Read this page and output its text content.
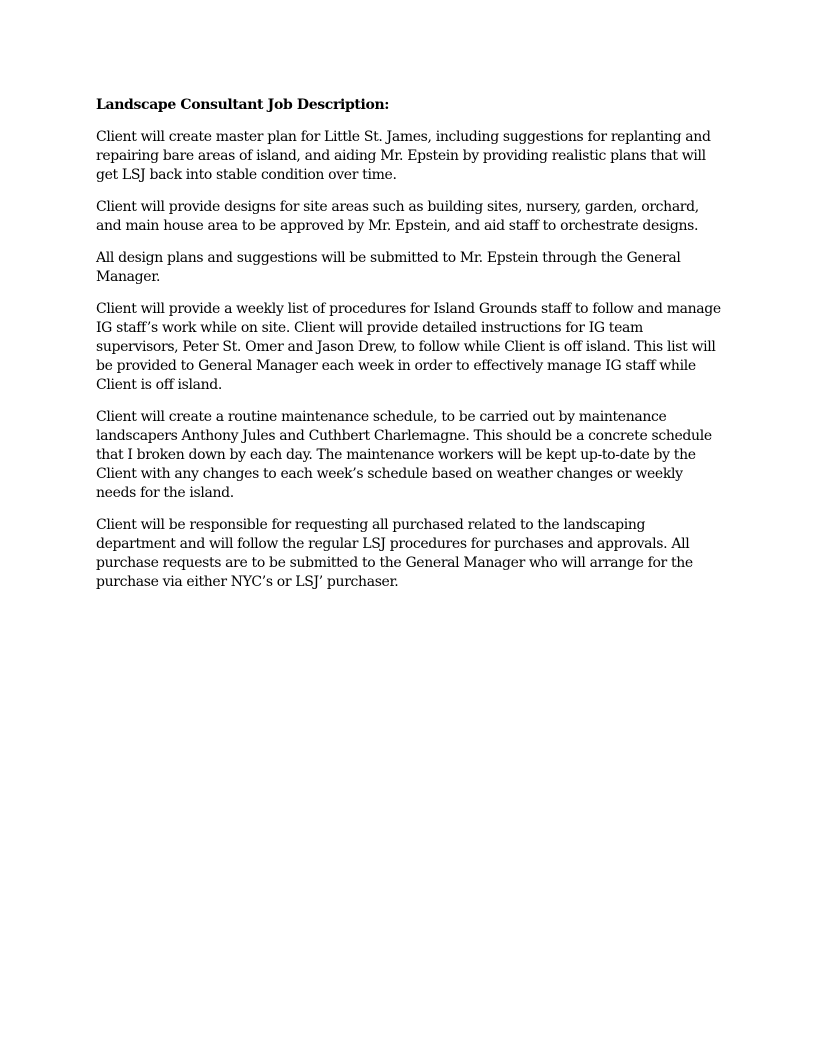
Landscape Consultant Job Description:

Client will create master plan for Little St. James, including suggestions for replanting and repairing bare areas of island, and aiding Mr. Epstein by providing realistic plans that will get LSJ back into stable condition over time.

Client will provide designs for site areas such as building sites, nursery, garden, orchard, and main house area to be approved by Mr. Epstein, and aid staff to orchestrate designs.

All design plans and suggestions will be submitted to Mr. Epstein through the General Manager.

Client will provide a weekly list of procedures for Island Grounds staff to follow and manage IG staff’s work while on site. Client will provide detailed instructions for IG team supervisors, Peter St. Omer and Jason Drew, to follow while Client is off island. This list will be provided to General Manager each week in order to effectively manage IG staff while Client is off island.

Client will create a routine maintenance schedule, to be carried out by maintenance landscapers Anthony Jules and Cuthbert Charlemagne. This should be a concrete schedule that I broken down by each day. The maintenance workers will be kept up-to-date by the Client with any changes to each week’s schedule based on weather changes or weekly needs for the island.

Client will be responsible for requesting all purchased related to the landscaping department and will follow the regular LSJ procedures for purchases and approvals. All purchase requests are to be submitted to the General Manager who will arrange for the purchase via either NYC’s or LSJ’ purchaser.
